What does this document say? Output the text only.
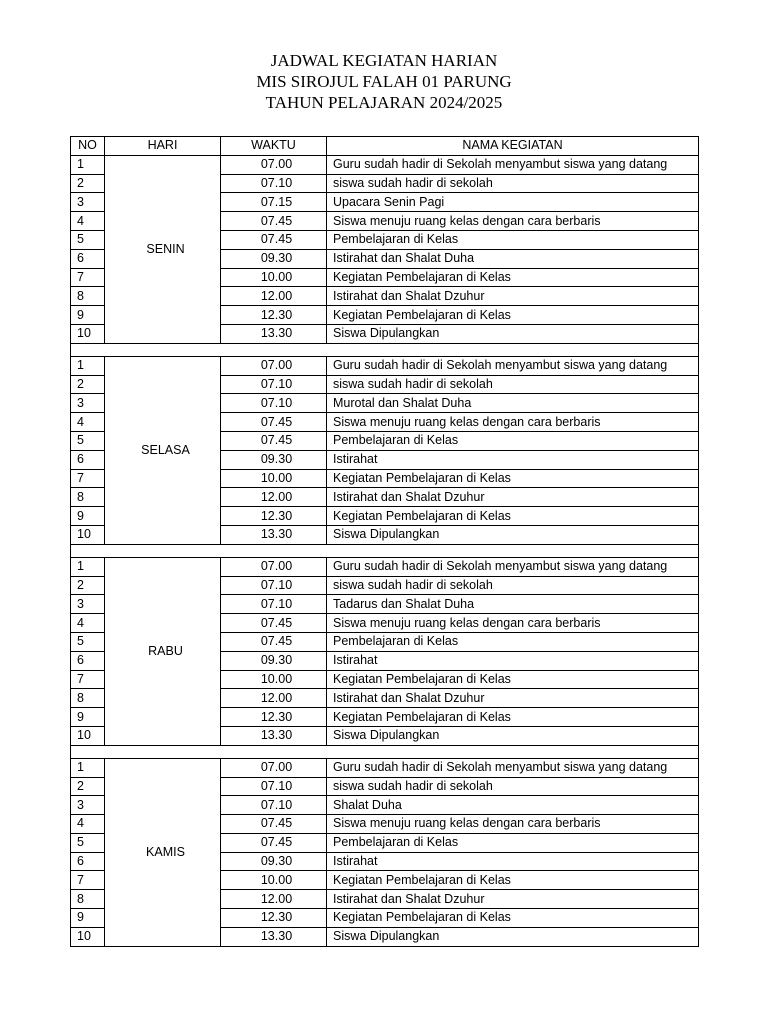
JADWAL KEGIATAN HARIAN
MIS SIROJUL FALAH 01 PARUNG
TAHUN PELAJARAN 2024/2025
NO	HARI	WAKTU	NAMA KEGIATAN
1	SENIN	07.00	Guru sudah hadir di Sekolah menyambut siswa yang datang
2		07.10	siswa sudah hadir di sekolah
3		07.15	Upacara Senin Pagi
4		07.45	Siswa menuju ruang kelas dengan cara berbaris
5		07.45	Pembelajaran di Kelas
6		09.30	Istirahat dan Shalat Duha
7		10.00	Kegiatan Pembelajaran di Kelas
8		12.00	Istirahat dan Shalat Dzuhur
9		12.30	Kegiatan Pembelajaran di Kelas
10		13.30	Siswa Dipulangkan

1	SELASA	07.00	Guru sudah hadir di Sekolah menyambut siswa yang datang
2		07.10	siswa sudah hadir di sekolah
3		07.10	Murotal dan Shalat Duha
4		07.45	Siswa menuju ruang kelas dengan cara berbaris
5		07.45	Pembelajaran di Kelas
6		09.30	Istirahat
7		10.00	Kegiatan Pembelajaran di Kelas
8		12.00	Istirahat dan Shalat Dzuhur
9		12.30	Kegiatan Pembelajaran di Kelas
10		13.30	Siswa Dipulangkan

1	RABU	07.00	Guru sudah hadir di Sekolah menyambut siswa yang datang
2		07.10	siswa sudah hadir di sekolah
3		07.10	Tadarus dan Shalat Duha
4		07.45	Siswa menuju ruang kelas dengan cara berbaris
5		07.45	Pembelajaran di Kelas
6		09.30	Istirahat
7		10.00	Kegiatan Pembelajaran di Kelas
8		12.00	Istirahat dan Shalat Dzuhur
9		12.30	Kegiatan Pembelajaran di Kelas
10		13.30	Siswa Dipulangkan

1	KAMIS	07.00	Guru sudah hadir di Sekolah menyambut siswa yang datang
2		07.10	siswa sudah hadir di sekolah
3		07.10	Shalat Duha
4		07.45	Siswa menuju ruang kelas dengan cara berbaris
5		07.45	Pembelajaran di Kelas
6		09.30	Istirahat
7		10.00	Kegiatan Pembelajaran di Kelas
8		12.00	Istirahat dan Shalat Dzuhur
9		12.30	Kegiatan Pembelajaran di Kelas
10		13.30	Siswa Dipulangkan
